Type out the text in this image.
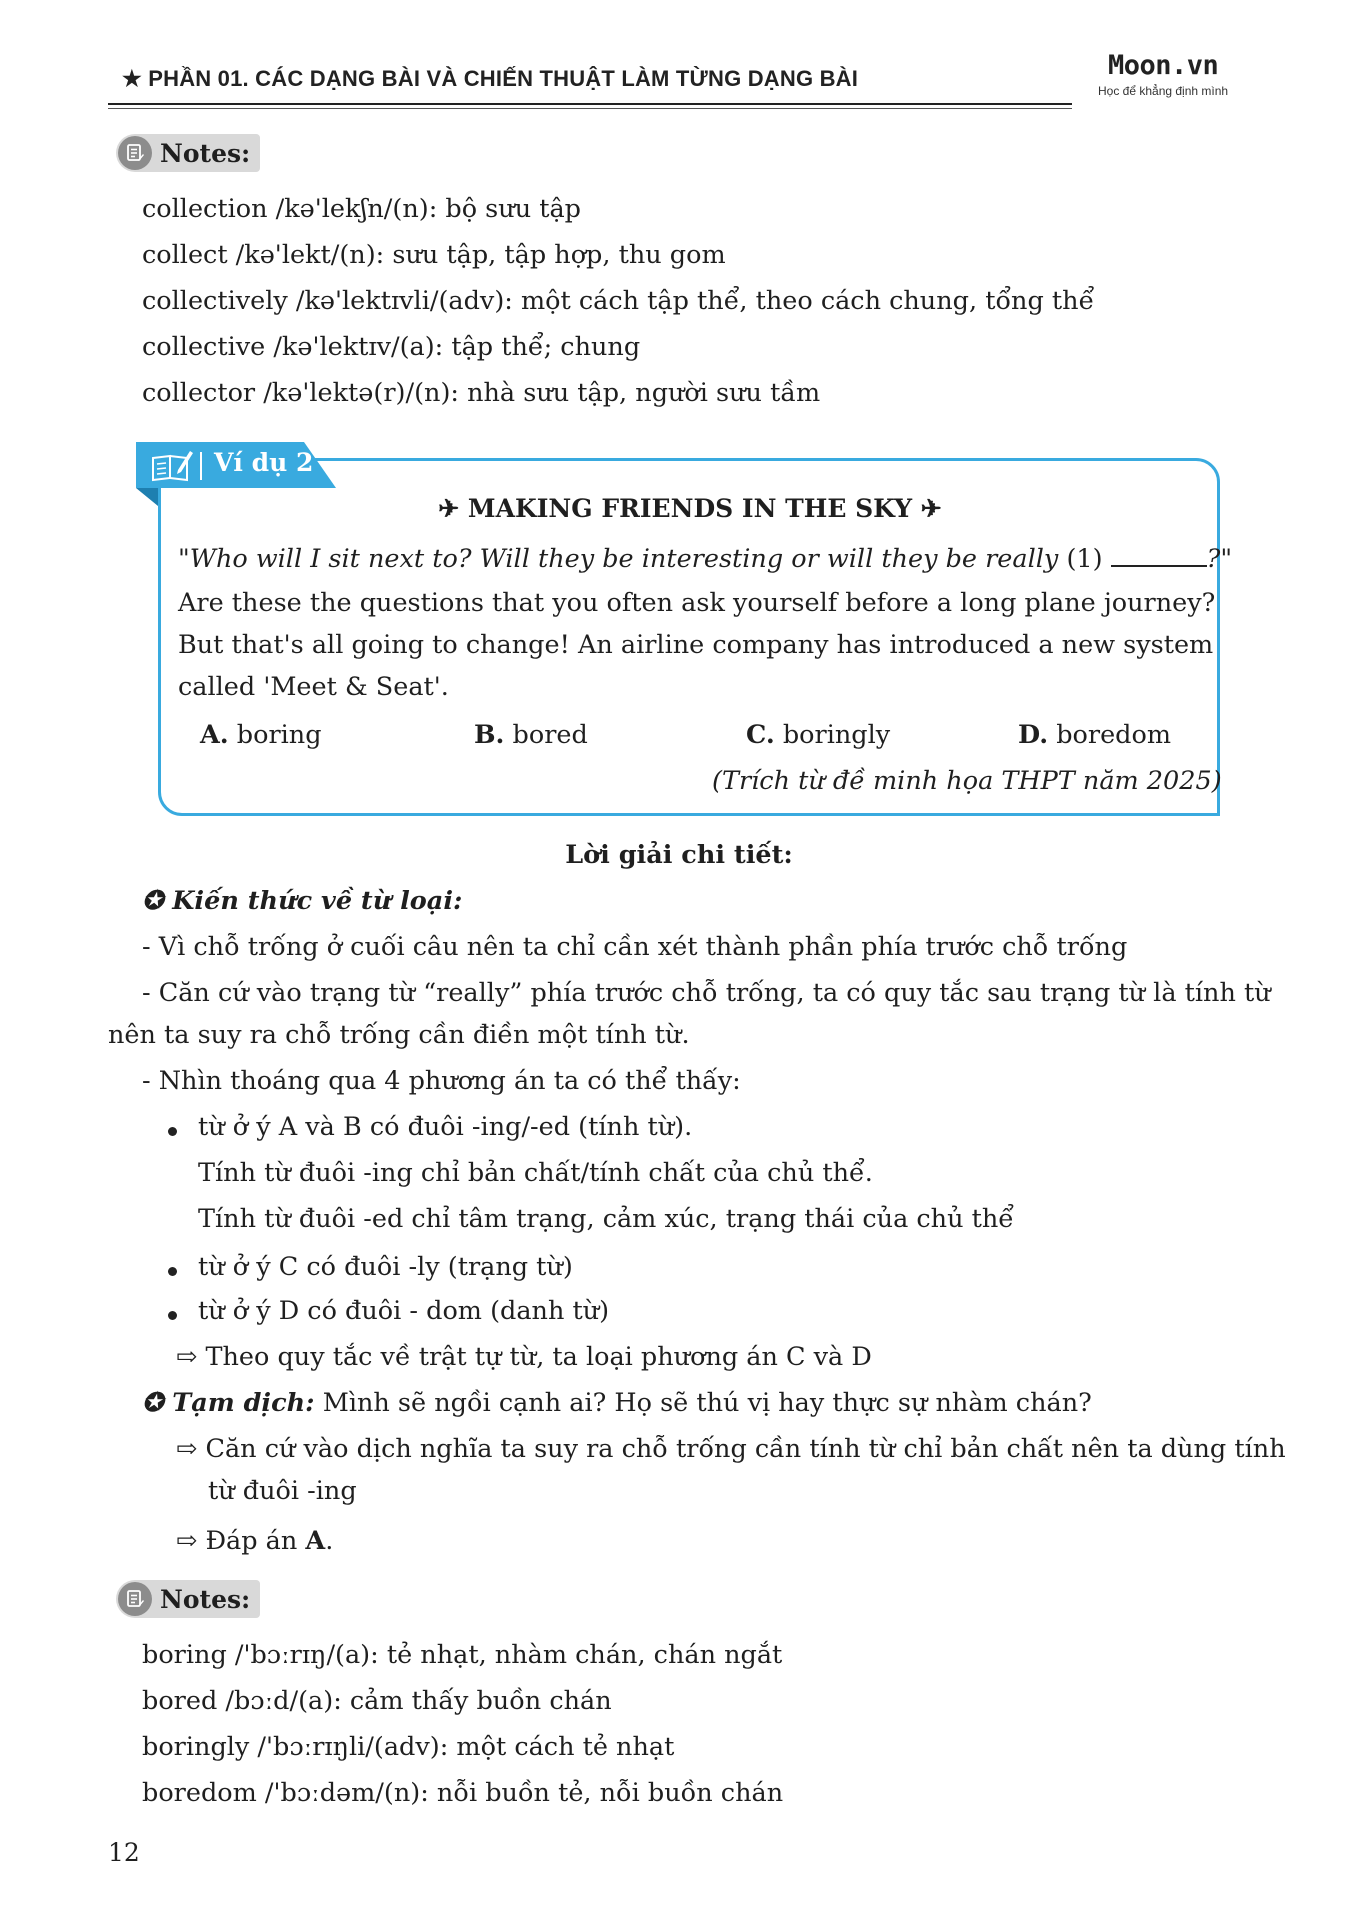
★ PHẦN 01. CÁC DẠNG BÀI VÀ CHIẾN THUẬT LÀM TỪNG DẠNG BÀI	Moon.vn
Học để khẳng định mình
Notes:
collection /kə'lekʃn/(n): bộ sưu tập
collect /kə'lekt/(n): sưu tập, tập hợp, thu gom
collectively /kə'lektɪvli/(adv): một cách tập thể, theo cách chung, tổng thể
collective /kə'lektɪv/(a): tập thể; chung
collector /kə'lektə(r)/(n): nhà sưu tập, người sưu tầm
Ví dụ 2
✈ MAKING FRIENDS IN THE SKY ✈
"Who will I sit next to? Will they be interesting or will they be really (1)	?"
Are these the questions that you often ask yourself before a long plane journey?
But that's all going to change! An airline company has introduced a new system
called 'Meet & Seat'.
A. boring	B. bored	C. boringly	D. boredom
(Trích từ đề minh họa THPT năm 2025)
Lời giải chi tiết:
✪ Kiến thức về từ loại:
- Vì chỗ trống ở cuối câu nên ta chỉ cần xét thành phần phía trước chỗ trống
- Căn cứ vào trạng từ “really” phía trước chỗ trống, ta có quy tắc sau trạng từ là tính từ
nên ta suy ra chỗ trống cần điền một tính từ.
- Nhìn thoáng qua 4 phương án ta có thể thấy:
từ ở ý A và B có đuôi -ing/-ed (tính từ).
Tính từ đuôi -ing chỉ bản chất/tính chất của chủ thể.
Tính từ đuôi -ed chỉ tâm trạng, cảm xúc, trạng thái của chủ thể
từ ở ý C có đuôi -ly (trạng từ)
từ ở ý D có đuôi - dom (danh từ)
⇨ Theo quy tắc về trật tự từ, ta loại phương án C và D
✪ Tạm dịch: Mình sẽ ngồi cạnh ai? Họ sẽ thú vị hay thực sự nhàm chán?
⇨ Căn cứ vào dịch nghĩa ta suy ra chỗ trống cần tính từ chỉ bản chất nên ta dùng tính
từ đuôi -ing
⇨ Đáp án A.
Notes:
boring /'bɔːrɪŋ/(a): tẻ nhạt, nhàm chán, chán ngắt
bored /bɔːd/(a): cảm thấy buồn chán
boringly /'bɔːrɪŋli/(adv): một cách tẻ nhạt
boredom /'bɔːdəm/(n): nỗi buồn tẻ, nỗi buồn chán
12
